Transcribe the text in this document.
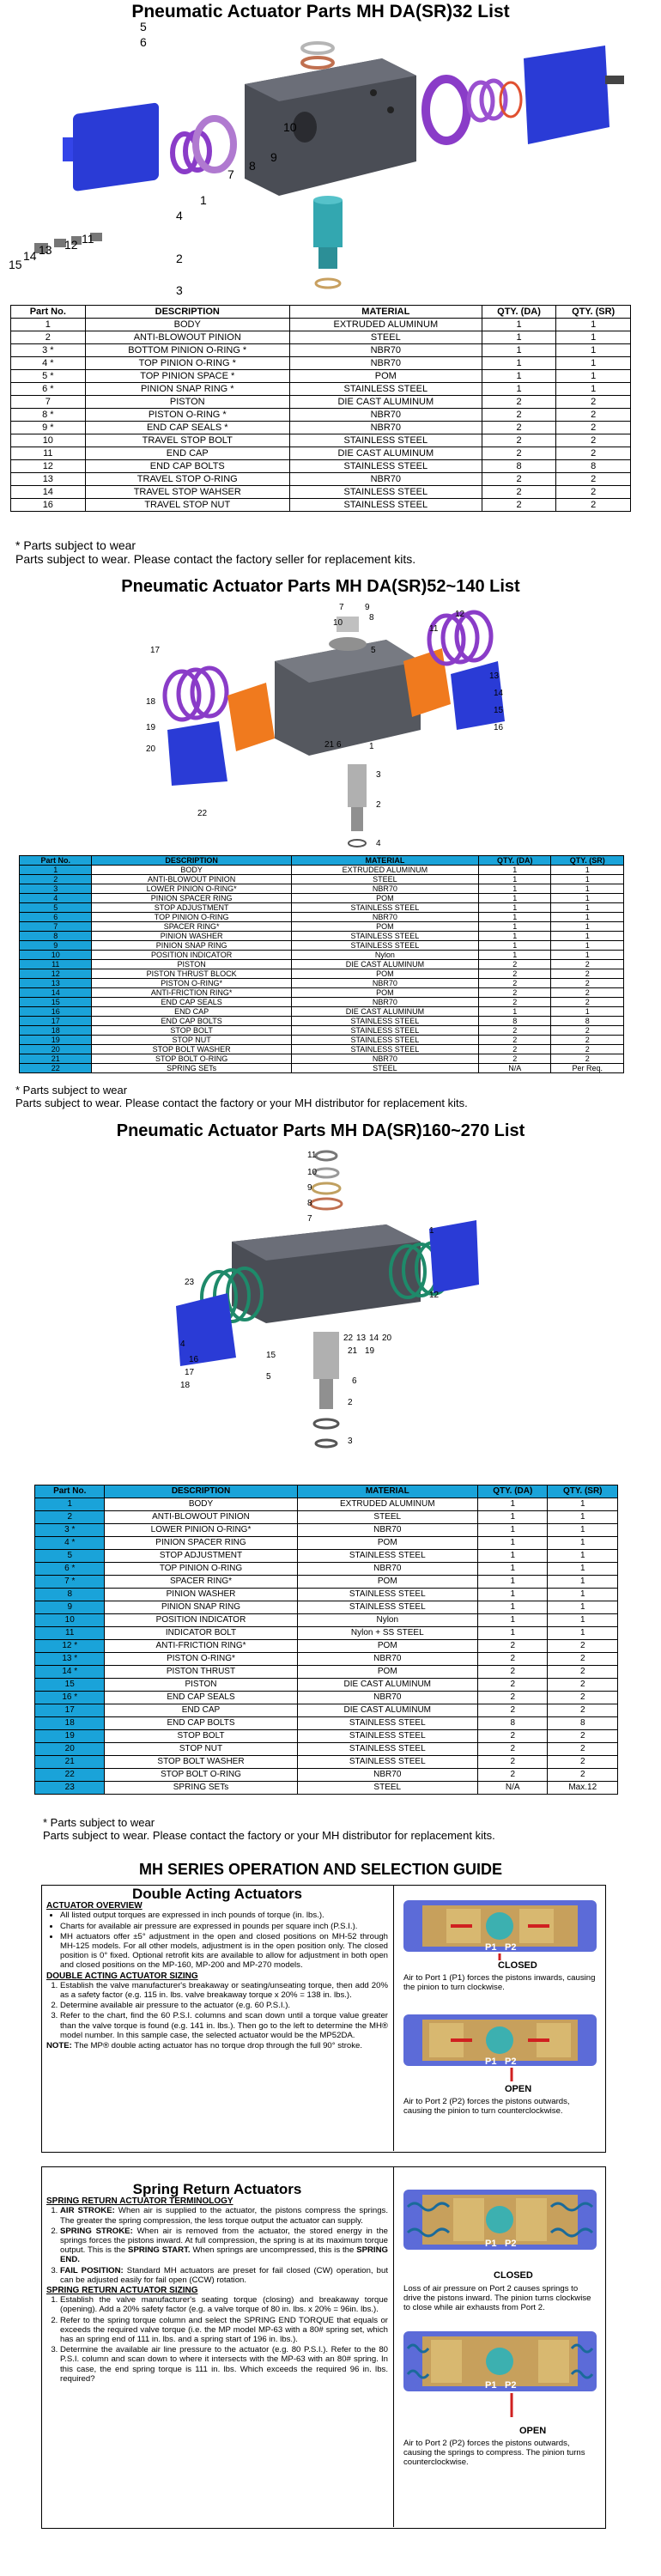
Pneumatic Actuator Parts MH DA(SR)32 List
5
6
1
4
2
3
7
8
9
10
11
12
13
14
15
Part No.	DESCRIPTION	MATERIAL	QTY. (DA)	QTY. (SR)
1	BODY	EXTRUDED ALUMINUM	1	1
2	ANTI-BLOWOUT PINION	STEEL	1	1
3 *	BOTTOM PINION O-RING *	NBR70	1	1
4 *	TOP PINION O-RING *	NBR70	1	1
5 *	TOP PINION SPACE *	POM	1	1
6 *	PINION SNAP RING *	STAINLESS STEEL	1	1
7	PISTON	DIE CAST ALUMINUM	2	2
8 *	PISTON O-RING *	NBR70	2	2
9 *	END CAP SEALS *	NBR70	2	2
10	TRAVEL STOP BOLT	STAINLESS STEEL	2	2
11	END CAP	DIE CAST ALUMINUM	2	2
12	END CAP BOLTS	STAINLESS STEEL	8	8
13	TRAVEL STOP O-RING	NBR70	2	2
14	TRAVEL STOP WAHSER	STAINLESS STEEL	2	2
16	TRAVEL STOP NUT	STAINLESS STEEL	2	2
* Parts subject to wear
Parts subject to wear. Please contact the factory seller for replacement kits.
Pneumatic Actuator Parts MH DA(SR)52~140 List
17
18
19
20
22
10
5
9
8
11
12
13
14
15
16
21 6	1
3
2
4
7
Part No.	DESCRIPTION	MATERIAL	QTY. (DA)	QTY. (SR)
1	BODY	EXTRUDED ALUMINUM	1	1
2	ANTI-BLOWOUT PINION	STEEL	1	1
3	LOWER PINION O-RING*	NBR70	1	1
4	PINION SPACER RING	POM	1	1
5	STOP ADJUSTMENT	STAINLESS STEEL	1	1
6	TOP PINION O-RING	NBR70	1	1
7	SPACER RING*	POM	1	1
8	PINION WASHER	STAINLESS STEEL	1	1
9	PINION SNAP RING	STAINLESS STEEL	1	1
10	POSITION INDICATOR	Nylon	1	1
11	PISTON	DIE CAST ALUMINUM	2	2
12	PISTON THRUST BLOCK	POM	2	2
13	PISTON O-RING*	NBR70	2	2
14	ANTI-FRICTION RING*	POM	2	2
15	END CAP SEALS	NBR70	2	2
16	END CAP	DIE CAST ALUMINUM	1	1
17	END CAP BOLTS	STAINLESS STEEL	8	8
18	STOP BOLT	STAINLESS STEEL	2	2
19	STOP NUT	STAINLESS STEEL	2	2
20	STOP BOLT WASHER	STAINLESS STEEL	2	2
21	STOP BOLT O-RING	NBR70	2	2
22	SPRING SETs	STEEL	N/A	Per Req.
* Parts subject to wear
Parts subject to wear. Please contact the factory or your MH distributor for replacement kits.
Pneumatic Actuator Parts MH DA(SR)160~270 List
11
10
9
8
7
23
16
17
18
15
5
1
12
22 13 14 20
21 19
6
2
3
4
Part No.	DESCRIPTION	MATERIAL	QTY. (DA)	QTY. (SR)
1	BODY	EXTRUDED ALUMINUM	1	1
2	ANTI-BLOWOUT PINION	STEEL	1	1
3 *	LOWER PINION O-RING*	NBR70	1	1
4 *	PINION SPACER RING	POM	1	1
5	STOP ADJUSTMENT	STAINLESS STEEL	1	1
6 *	TOP PINION O-RING	NBR70	1	1
7 *	SPACER RING*	POM	1	1
8	PINION WASHER	STAINLESS STEEL	1	1
9	PINION SNAP RING	STAINLESS STEEL	1	1
10	POSITION INDICATOR	Nylon	1	1
11	INDICATOR BOLT	Nylon + SS STEEL	1	1
12 *	ANTI-FRICTION RING*	POM	2	2
13 *	PISTON O-RING*	NBR70	2	2
14 *	PISTON THRUST	POM	2	2
15	PISTON	DIE CAST ALUMINUM	2	2
16 *	END CAP SEALS	NBR70	2	2
17	END CAP	DIE CAST ALUMINUM	2	2
18	END CAP BOLTS	STAINLESS STEEL	8	8
19	STOP BOLT	STAINLESS STEEL	2	2
20	STOP NUT	STAINLESS STEEL	2	2
21	STOP BOLT WASHER	STAINLESS STEEL	2	2
22	STOP BOLT O-RING	NBR70	2	2
23	SPRING SETs	STEEL	N/A	Max.12
* Parts subject to wear
Parts subject to wear. Please contact the factory or your MH distributor for replacement kits.
MH SERIES OPERATION AND SELECTION GUIDE
Double Acting Actuators
ACTUATOR OVERVIEW
• All listed output torques are expressed in inch pounds of torque (in. lbs.).
• Charts for available air pressure are expressed in pounds per square inch (P.S.I.).
• MH actuators offer ±5° adjustment in the open and closed positions on MH-52 through MH-125 models. For all other models, adjustment is in the open position only. The closed position is 0° fixed. Optional retrofit kits are available to allow for adjustment in both open and closed positions on the MP-160, MP-200 and MP-270 models.
DOUBLE ACTING ACTUATOR SIZING
1. Establish the valve manufacturer's breakaway or seating/unseating torque, then add 20% as a safety factor (e.g. 115 in. lbs. valve breakaway torque x 20% = 138 in. lbs.).
2. Determine available air pressure to the actuator (e.g. 60 P.S.I.).
3. Refer to the chart, find the 60 P.S.I. columns and scan down until a torque value greater than the valve torque is found (e.g. 141 in. lbs.). Then go to the left to determine the MH® model number. In this sample case, the selected actuator would be the MP52DA.

NOTE: The MP® double acting actuator has no torque drop through the full 90° stroke.

P1 P2
CLOSED
Air to Port 1 (P1) forces the pistons inwards, causing the pinion to turn clockwise.
P1 P2
OPEN
Air to Port 2 (P2) forces the pistons outwards, causing the pinion to turn counterclockwise.
Spring Return Actuators
SPRING RETURN ACTUATOR TERMINOLOGY
1. AIR STROKE: When air is supplied to the actuator, the pistons compress the springs. The greater the spring compression, the less torque output the actuator can supply.
2. SPRING STROKE: When air is removed from the actuator, the stored energy in the springs forces the pistons inward. At full compression, the spring is at its maximum torque output. This is the SPRING START. When springs are uncompressed, this is the SPRING END.
3. FAIL POSITION: Standard MH actuators are preset for fail closed (CW) operation, but can be adjusted easily for fail open (CCW) rotation.
SPRING RETURN ACTUATOR SIZING
1. Establish the valve manufacturer's seating torque (closing) and breakaway torque (opening). Add a 20% safety factor (e.g. a valve torque of 80 in. lbs. x 20% = 96in. lbs.).
2. Refer to the spring torque column and select the SPRING END TORQUE that equals or exceeds the required valve torque (i.e. the MP model MP-63 with a 80# spring set, which has an spring end of 111 in. lbs. and a spring start of 196 in. lbs.).
3. Determine the available air line pressure to the actuator (e.g. 80 P.S.I.). Refer to the 80 P.S.I. column and scan down to where it intersects with the MP-63 with an 80# spring. In this case, the end spring torque is 111 in. lbs. Which exceeds the required 96 in. lbs. required?
P1 P2
CLOSED
Loss of air pressure on Port 2 causes springs to drive the pistons inward. The pinion turns clockwise to close while air exhausts from Port 2.
P1 P2
OPEN
Air to Port 2 (P2) forces the pistons outwards, causing the springs to compress. The pinion turns counterclockwise.
